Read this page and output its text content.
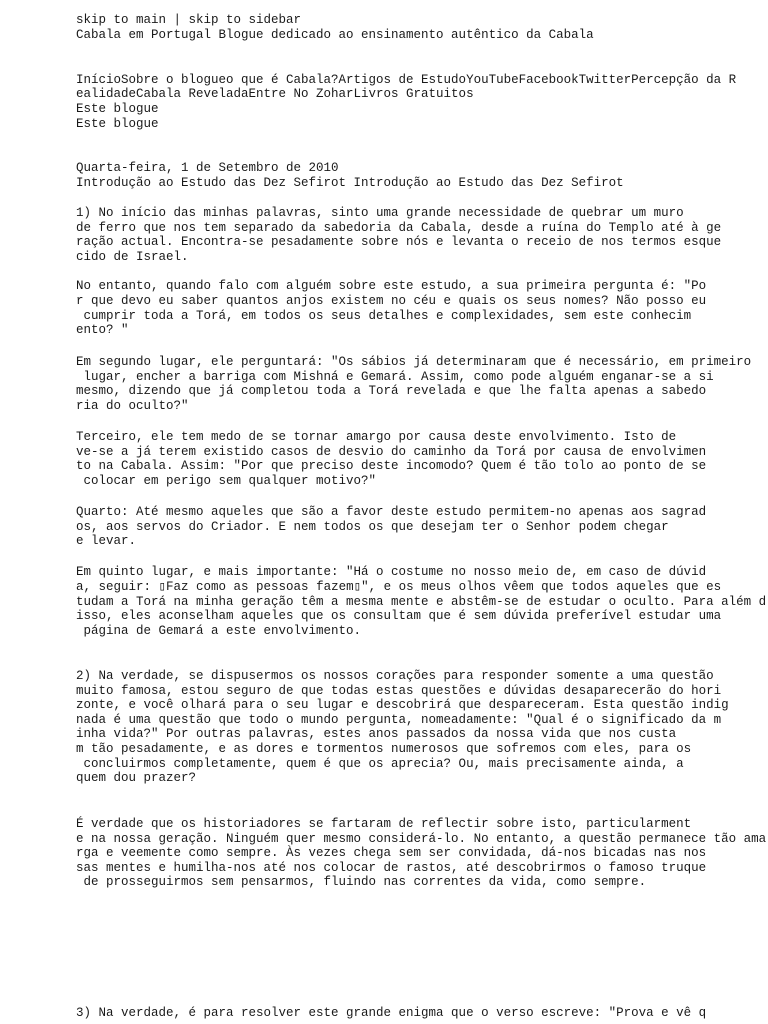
skip to main | skip to sidebar
Cabala em Portugal Blogue dedicado ao ensinamento autêntico da Cabala
InícioSobre o blogueo que é Cabala?Artigos de EstudoYouTubeFacebookTwitterPercepção da R
ealidadeCabala ReveladaEntre No ZoharLivros Gratuitos
Este blogue
Este blogue
Quarta-feira, 1 de Setembro de 2010
Introdução ao Estudo das Dez Sefirot Introdução ao Estudo das Dez Sefirot
1) No início das minhas palavras, sinto uma grande necessidade de quebrar um muro
de ferro que nos tem separado da sabedoria da Cabala, desde a ruína do Templo até à ge
ração actual. Encontra-se pesadamente sobre nós e levanta o receio de nos termos esque
cido de Israel.
No entanto, quando falo com alguém sobre este estudo, a sua primeira pergunta é: "Po
r que devo eu saber quantos anjos existem no céu e quais os seus nomes? Não posso eu
cumprir toda a Torá, em todos os seus detalhes e complexidades, sem este conhecim
ento? "
Em segundo lugar, ele perguntará: "Os sábios já determinaram que é necessário, em primeiro
lugar, encher a barriga com Mishná e Gemará. Assim, como pode alguém enganar-se a si
mesmo, dizendo que já completou toda a Torá revelada e que lhe falta apenas a sabedo
ria do oculto?"
Terceiro, ele tem medo de se tornar amargo por causa deste envolvimento. Isto de
ve-se a já terem existido casos de desvio do caminho da Torá por causa de envolvimen
to na Cabala. Assim: "Por que preciso deste incomodo? Quem é tão tolo ao ponto de se
colocar em perigo sem qualquer motivo?"
Quarto: Até mesmo aqueles que são a favor deste estudo permitem-no apenas aos sagrad
os, aos servos do Criador. E nem todos os que desejam ter o Senhor podem chegar
e levar.
Em quinto lugar, e mais importante: "Há o costume no nosso meio de, em caso de dúvid
a, seguir: ▯Faz como as pessoas fazem▯", e os meus olhos vêem que todos aqueles que es
tudam a Torá na minha geração têm a mesma mente e abstêm-se de estudar o oculto. Para além d
isso, eles aconselham aqueles que os consultam que é sem dúvida preferível estudar uma
página de Gemará a este envolvimento.
2) Na verdade, se dispusermos os nossos corações para responder somente a uma questão
muito famosa, estou seguro de que todas estas questões e dúvidas desaparecerão do hori
zonte, e você olhará para o seu lugar e descobrirá que despareceram. Esta questão indig
nada é uma questão que todo o mundo pergunta, nomeadamente: "Qual é o significado da m
inha vida?" Por outras palavras, estes anos passados da nossa vida que nos custa
m tão pesadamente, e as dores e tormentos numerosos que sofremos com eles, para os
concluirmos completamente, quem é que os aprecia? Ou, mais precisamente ainda, a
quem dou prazer?
É verdade que os historiadores se fartaram de reflectir sobre isto, particularment
e na nossa geração. Ninguém quer mesmo considerá-lo. No entanto, a questão permanece tão ama
rga e veemente como sempre. Às vezes chega sem ser convidada, dá-nos bicadas nas nos
sas mentes e humilha-nos até nos colocar de rastos, até descobrirmos o famoso truque
de prosseguirmos sem pensarmos, fluindo nas correntes da vida, como sempre.
3) Na verdade, é para resolver este grande enigma que o verso escreve: "Prova e vê q
